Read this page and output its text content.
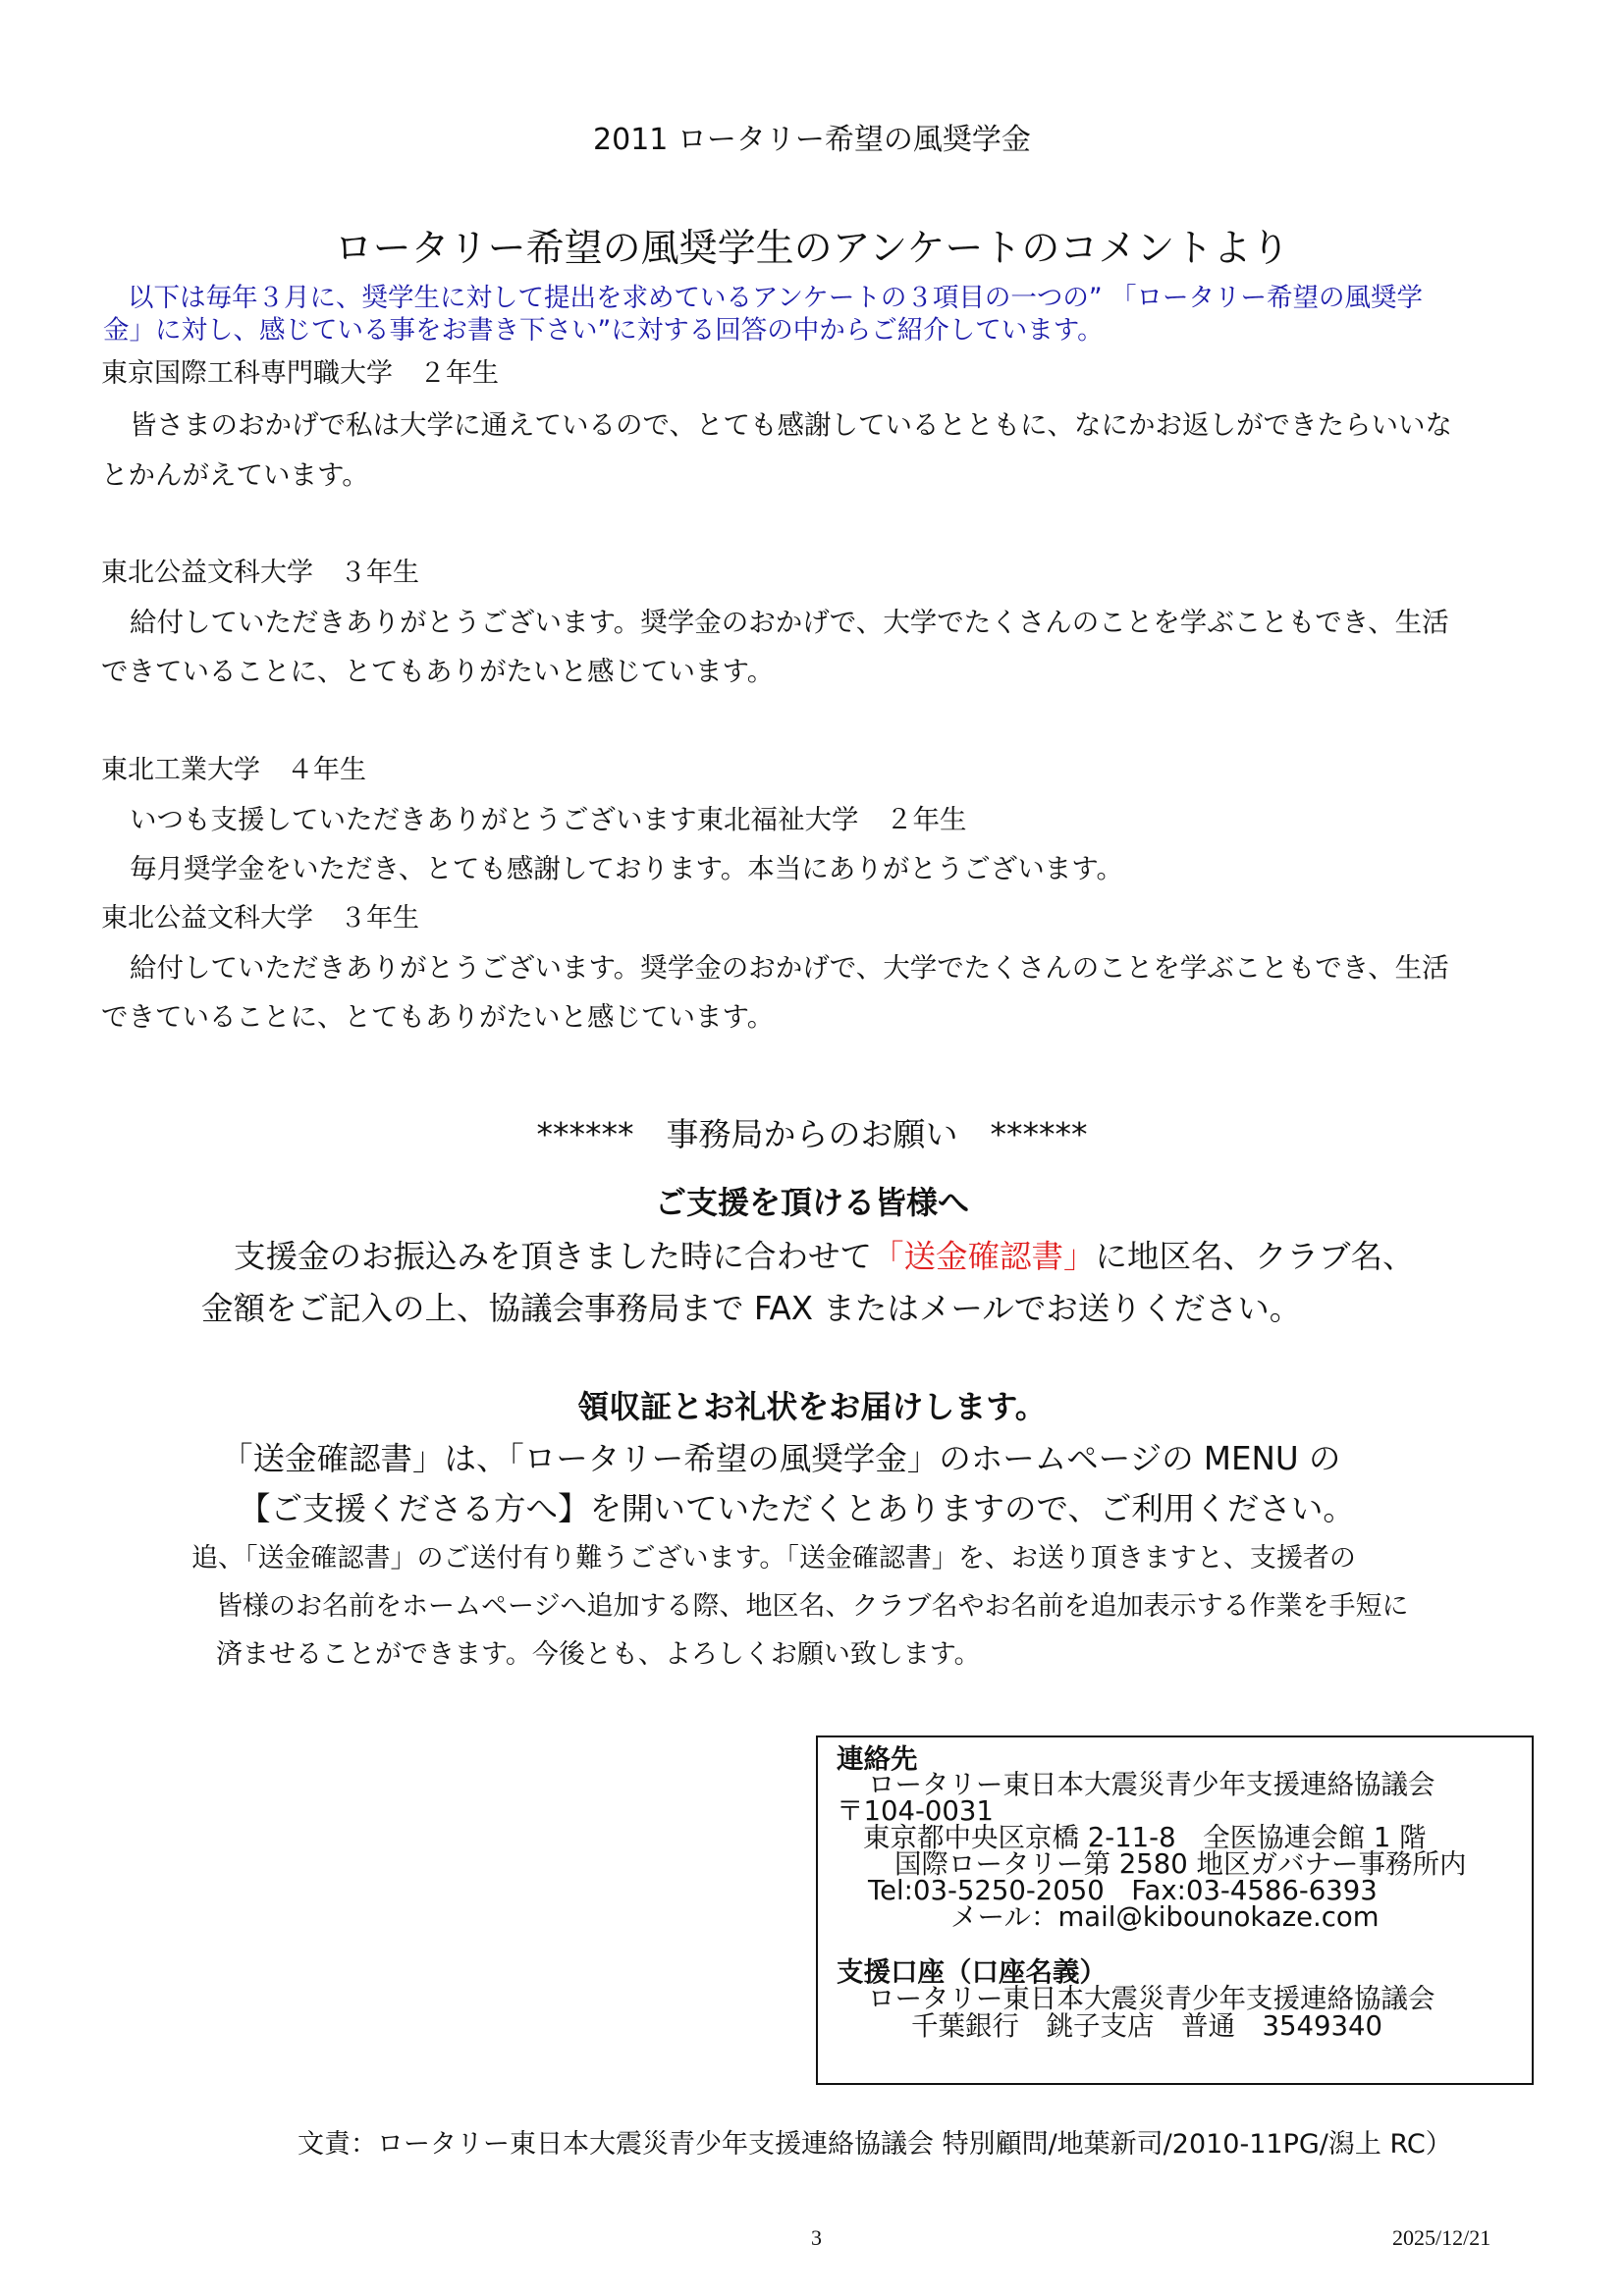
2011 ロータリー希望の風奨学金
ロータリー希望の風奨学生のアンケートのコメントより
以下は毎年３月に、奨学生に対して提出を求めているアンケートの３項目の一つの” 「ロータリー希望の風奨学
金」に対し、感じている事をお書き下さい”に対する回答の中からご紹介しています。
東京国際工科専門職大学　２年生
皆さまのおかげで私は大学に通えているので、とても感謝しているとともに、なにかお返しができたらいいな
とかんがえています。
東北公益文科大学　３年生
給付していただきありがとうございます。奨学金のおかげで、大学でたくさんのことを学ぶこともでき、生活
できていることに、とてもありがたいと感じています。
東北工業大学　４年生
いつも支援していただきありがとうございます東北福祉大学　２年生
毎月奨学金をいただき、とても感謝しております。本当にありがとうございます。
東北公益文科大学　３年生
給付していただきありがとうございます。奨学金のおかげで、大学でたくさんのことを学ぶこともでき、生活
できていることに、とてもありがたいと感じています。
******　事務局からのお願い　******
ご支援を頂ける皆様へ
支援金のお振込みを頂きました時に合わせて「送金確認書」に地区名、クラブ名、
金額をご記入の上、協議会事務局まで FAX またはメールでお送りください。
領収証とお礼状をお届けします。
「送金確認書」は、「ロータリー希望の風奨学金」のホームページの MENU の
【ご支援くださる方へ】を開いていただくとありますので、ご利用ください。
追、「送金確認書」のご送付有り難うございます。「送金確認書」を、お送り頂きますと、支援者の
皆様のお名前をホームページへ追加する際、地区名、クラブ名やお名前を追加表示する作業を手短に
済ませることができます。今後とも、よろしくお願い致します。
連絡先
ロータリー東日本大震災青少年支援連絡協議会
〒104-0031
東京都中央区京橋 2-11-8　全医協連会館 1 階
国際ロータリー第 2580 地区ガバナー事務所内
Tel:03-5250-2050　Fax:03-4586-6393
メール：mail@kibounokaze.com
支援口座（口座名義）
ロータリー東日本大震災青少年支援連絡協議会
千葉銀行　銚子支店　普通　3549340
文責：ロータリー東日本大震災青少年支援連絡協議会 特別顧問/地葉新司/2010-11PG/潟上 RC）
3	2025/12/21
